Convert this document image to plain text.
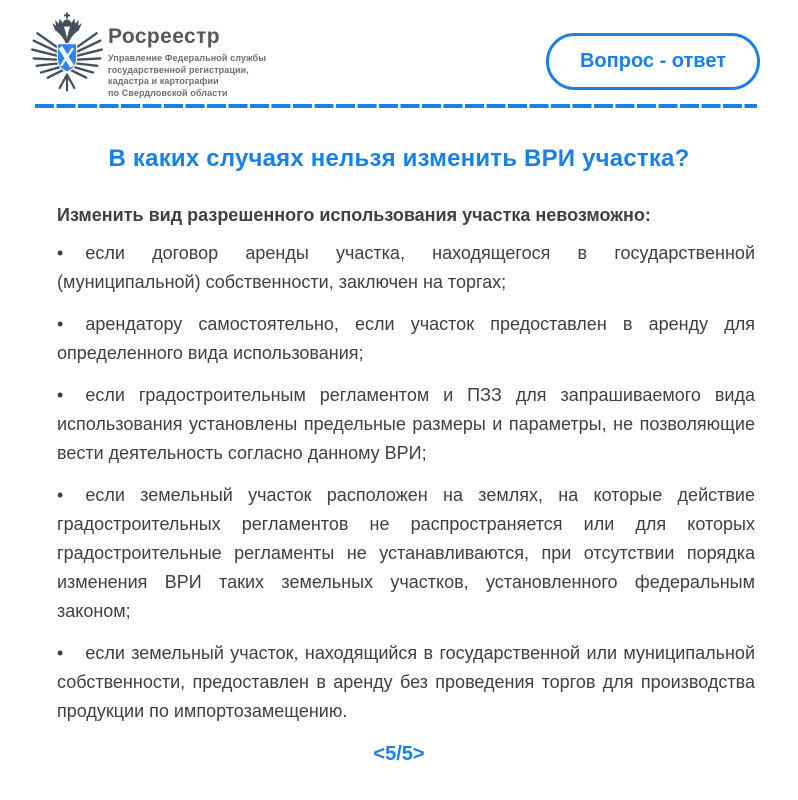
Росреестр
Управление Федеральной службы
государственной регистрации,
кадастра и картографии
по Свердловской области
Вопрос - ответ
В каких случаях нельзя изменить ВРИ участка?

Изменить вид разрешенного использования участка невозможно:

• если договор аренды участка, находящегося в государственной (муниципальной) собственности, заключен на торгах;

• арендатору самостоятельно, если участок предоставлен в аренду для определенного вида использования;

• если градостроительным регламентом и ПЗЗ для запрашиваемого вида использования установлены предельные размеры и параметры, не позволяющие вести деятельность согласно данному ВРИ;

• если земельный участок расположен на землях, на которые действие градостроительных регламентов не распространяется или для которых градостроительные регламенты не устанавливаются, при отсутствии порядка изменения ВРИ таких земельных участков, установленного федеральным законом;

• если земельный участок, находящийся в государственной или муниципальной собственности, предоставлен в аренду без проведения торгов для производства продукции по импортозамещению.

<5/5>
